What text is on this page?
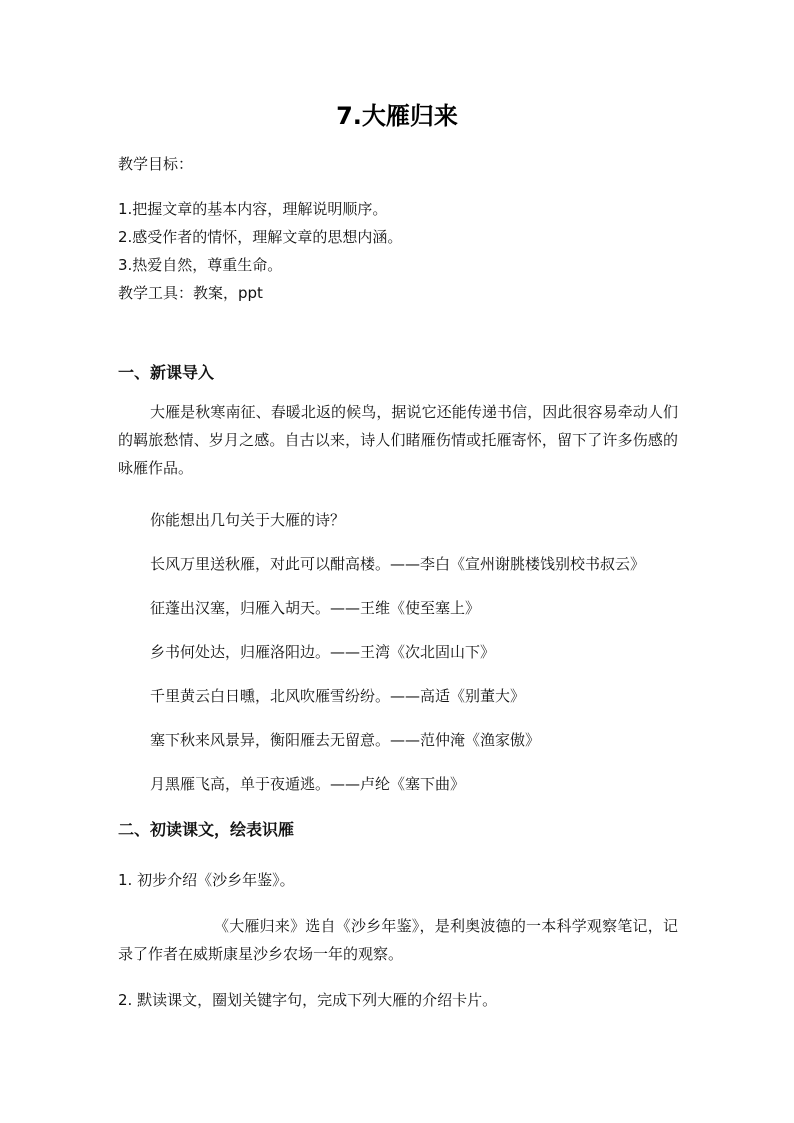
7.大雁归来
教学目标：
1.把握文章的基本内容，理解说明顺序。
2.感受作者的情怀，理解文章的思想内涵。
3.热爱自然，尊重生命。
教学工具：教案，ppt
一、新课导入
大雁是秋寒南征、春暖北返的候鸟，据说它还能传递书信，因此很容易牵动人们的羁旅愁情、岁月之感。自古以来，诗人们睹雁伤情或托雁寄怀，留下了许多伤感的咏雁作品。
你能想出几句关于大雁的诗？
长风万里送秋雁，对此可以酣高楼。——李白《宣州谢朓楼饯别校书叔云》
征蓬出汉塞，归雁入胡天。——王维《使至塞上》
乡书何处达，归雁洛阳边。——王湾《次北固山下》
千里黄云白日曛，北风吹雁雪纷纷。——高适《别董大》
塞下秋来风景异，衡阳雁去无留意。——范仲淹《渔家傲》
月黑雁飞高，单于夜遁逃。——卢纶《塞下曲》
二、初读课文，绘表识雁
1. 初步介绍《沙乡年鉴》。
《大雁归来》选自《沙乡年鉴》，是利奥波德的一本科学观察笔记，记录了作者在威斯康星沙乡农场一年的观察。
2. 默读课文，圈划关键字句，完成下列大雁的介绍卡片。
